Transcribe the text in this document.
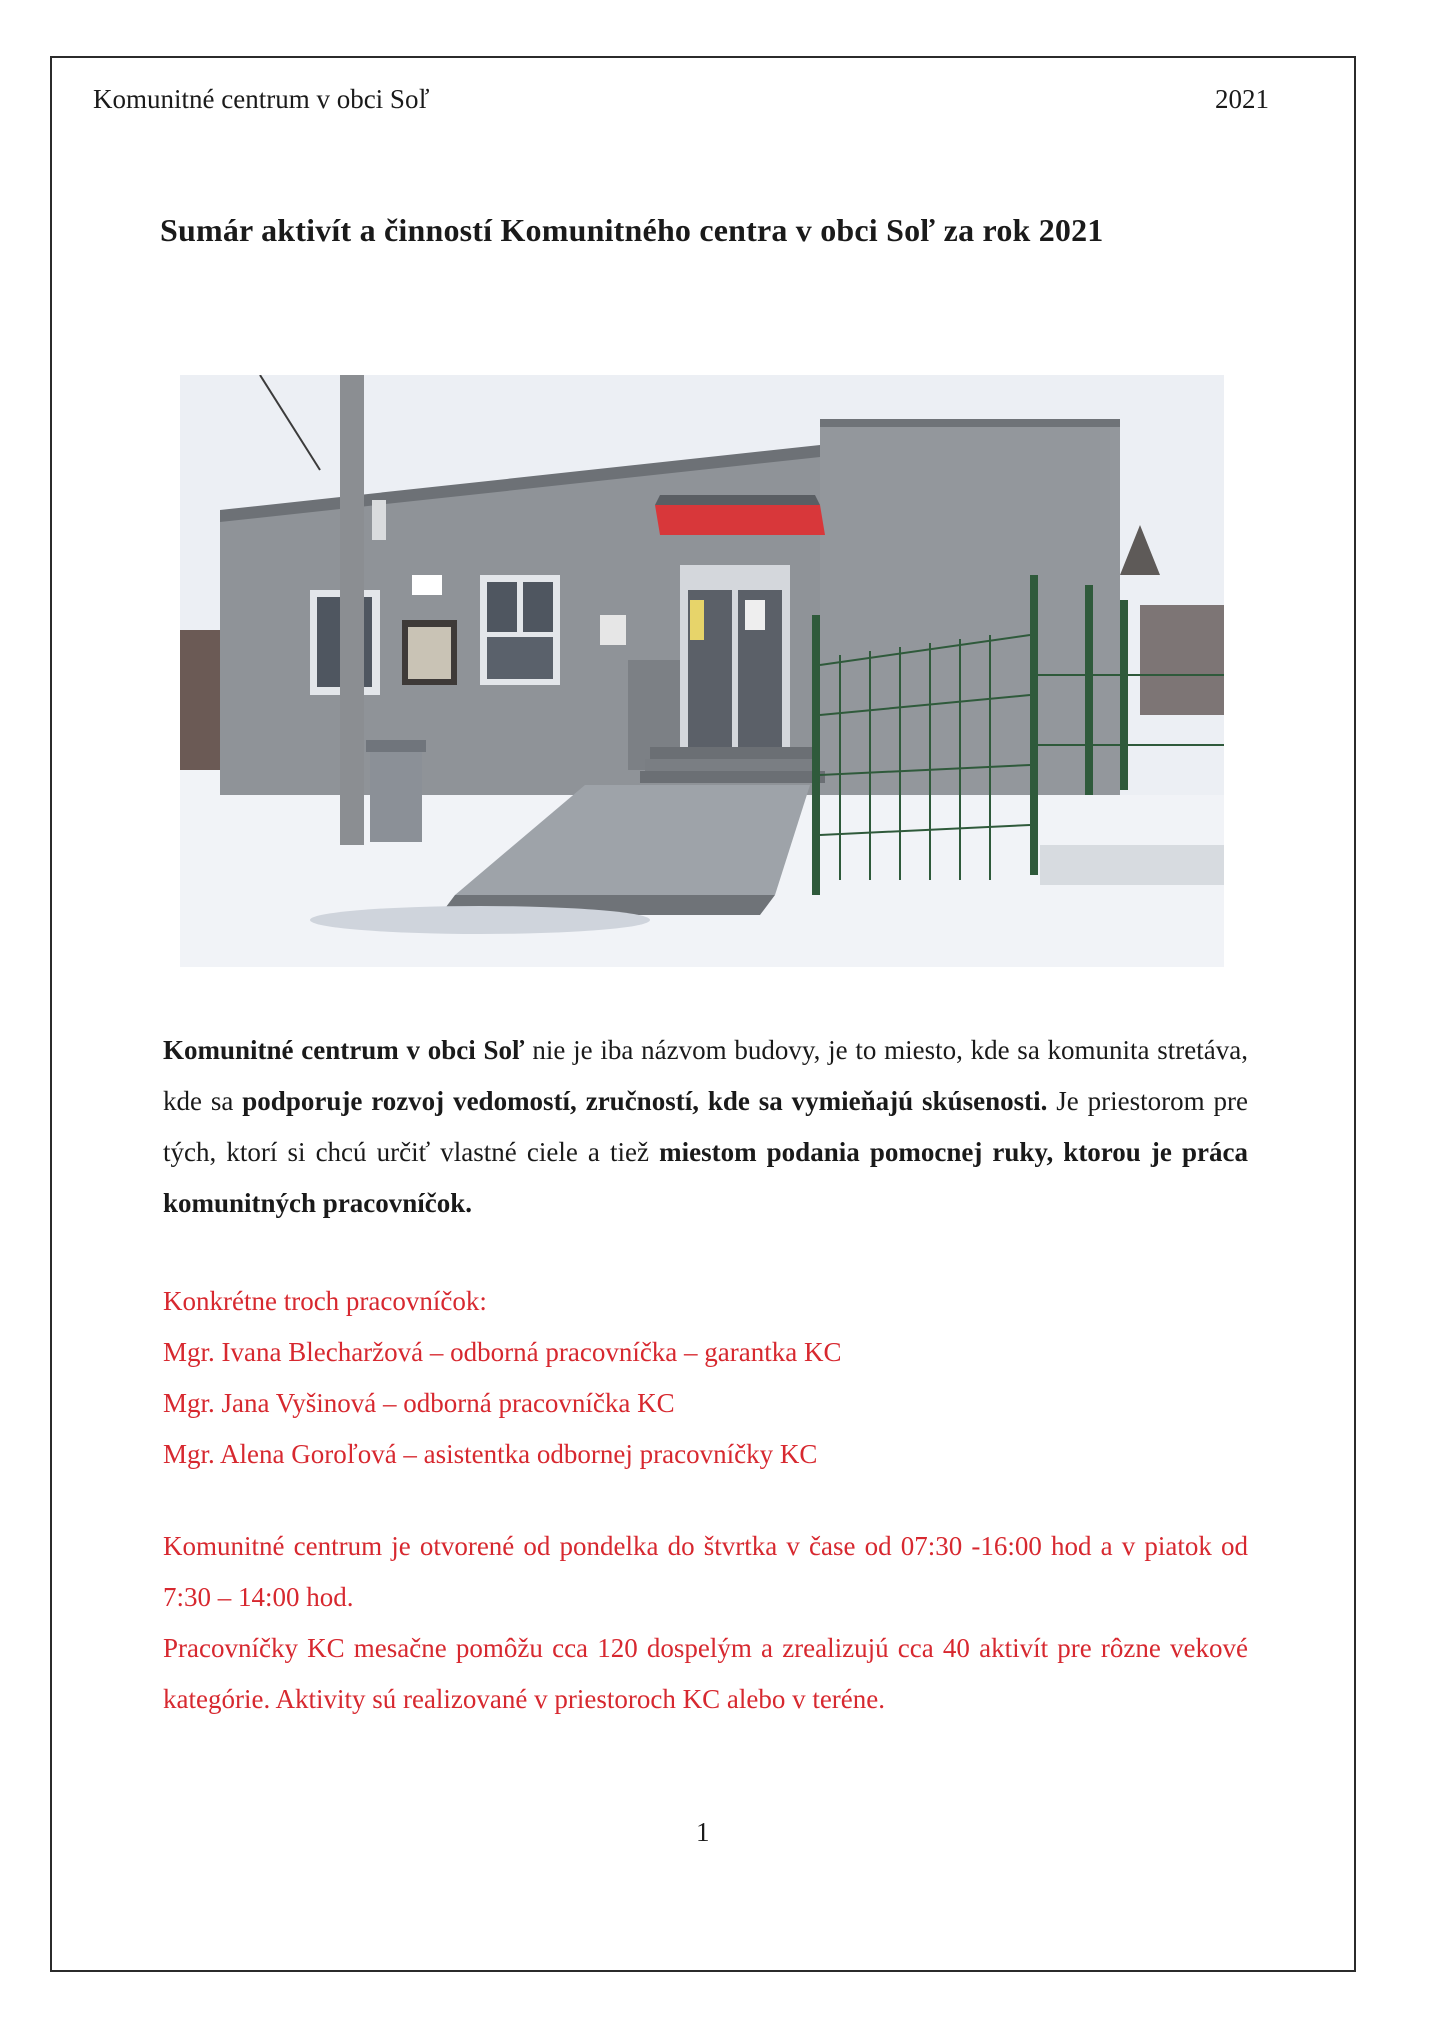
Komunitné centrum v obci Soľ	2021
Sumár aktivít a činností Komunitného centra v obci Soľ za rok 2021
Komunitné centrum v obci Soľ nie je iba názvom budovy, je to miesto, kde sa komunita stretáva, kde sa podporuje rozvoj vedomostí, zručností, kde sa vymieňajú skúsenosti. Je priestorom pre tých, ktorí si chcú určiť vlastné ciele a tiež miestom podania pomocnej ruky, ktorou je práca komunitných pracovníčok.
Konkrétne troch pracovníčok:
Mgr. Ivana Blecharžová – odborná pracovníčka – garantka KC
Mgr. Jana Vyšinová – odborná pracovníčka KC
Mgr. Alena Goroľová – asistentka odbornej pracovníčky KC

Komunitné centrum je otvorené od pondelka do štvrtka v čase od 07:30 -16:00 hod a v piatok od 7:30 – 14:00 hod.

Pracovníčky KC mesačne pomôžu cca 120 dospelým a zrealizujú cca 40 aktivít pre rôzne vekové kategórie. Aktivity sú realizované v priestoroch KC alebo v teréne.

1
